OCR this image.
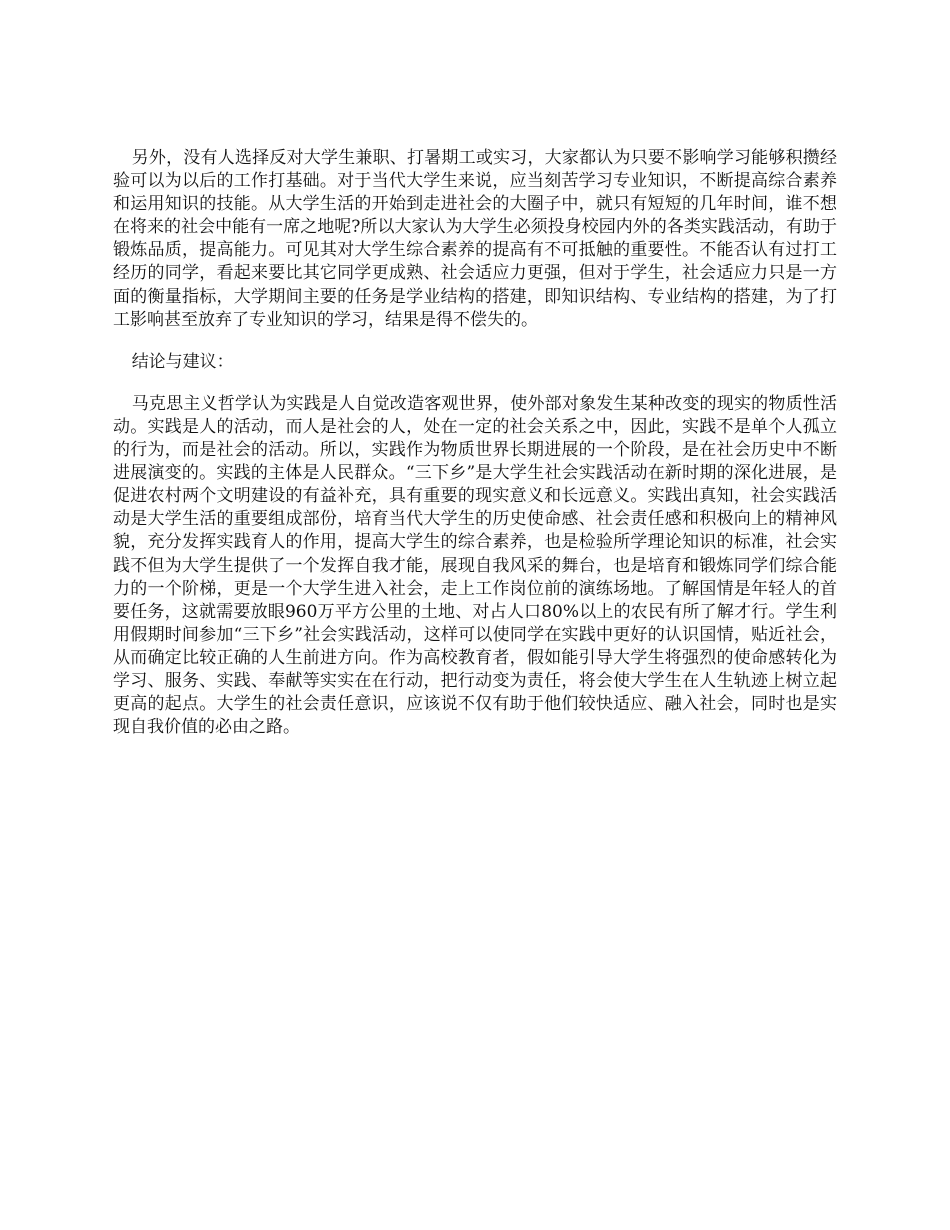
另外，没有人选择反对大学生兼职、打暑期工或实习，大家都认为只要不影响学习能够积攒经验可以为以后的工作打基础。对于当代大学生来说，应当刻苦学习专业知识，不断提高综合素养和运用知识的技能。从大学生活的开始到走进社会的大圈子中，就只有短短的几年时间，谁不想在将来的社会中能有一席之地呢?所以大家认为大学生必须投身校园内外的各类实践活动，有助于锻炼品质，提高能力。可见其对大学生综合素养的提高有不可抵触的重要性。不能否认有过打工经历的同学，看起来要比其它同学更成熟、社会适应力更强，但对于学生，社会适应力只是一方面的衡量指标，大学期间主要的任务是学业结构的搭建，即知识结构、专业结构的搭建，为了打工影响甚至放弃了专业知识的学习，结果是得不偿失的。

结论与建议：

马克思主义哲学认为实践是人自觉改造客观世界，使外部对象发生某种改变的现实的物质性活动。实践是人的活动，而人是社会的人，处在一定的社会关系之中，因此，实践不是单个人孤立的行为，而是社会的活动。所以，实践作为物质世界长期进展的一个阶段，是在社会历史中不断进展演变的。实践的主体是人民群众。“三下乡”是大学生社会实践活动在新时期的深化进展，是促进农村两个文明建设的有益补充，具有重要的现实意义和长远意义。实践出真知，社会实践活动是大学生活的重要组成部份，培育当代大学生的历史使命感、社会责任感和积极向上的精神风貌，充分发挥实践育人的作用，提高大学生的综合素养，也是检验所学理论知识的标准，社会实践不但为大学生提供了一个发挥自我才能，展现自我风采的舞台，也是培育和锻炼同学们综合能力的一个阶梯，更是一个大学生进入社会，走上工作岗位前的演练场地。了解国情是年轻人的首要任务，这就需要放眼960万平方公里的土地、对占人口80%以上的农民有所了解才行。学生利用假期时间参加“三下乡”社会实践活动，这样可以使同学在实践中更好的认识国情，贴近社会，从而确定比较正确的人生前进方向。作为高校教育者，假如能引导大学生将强烈的使命感转化为学习、服务、实践、奉献等实实在在行动，把行动变为责任，将会使大学生在人生轨迹上树立起更高的起点。大学生的社会责任意识，应该说不仅有助于他们较快适应、融入社会，同时也是实现自我价值的必由之路。
